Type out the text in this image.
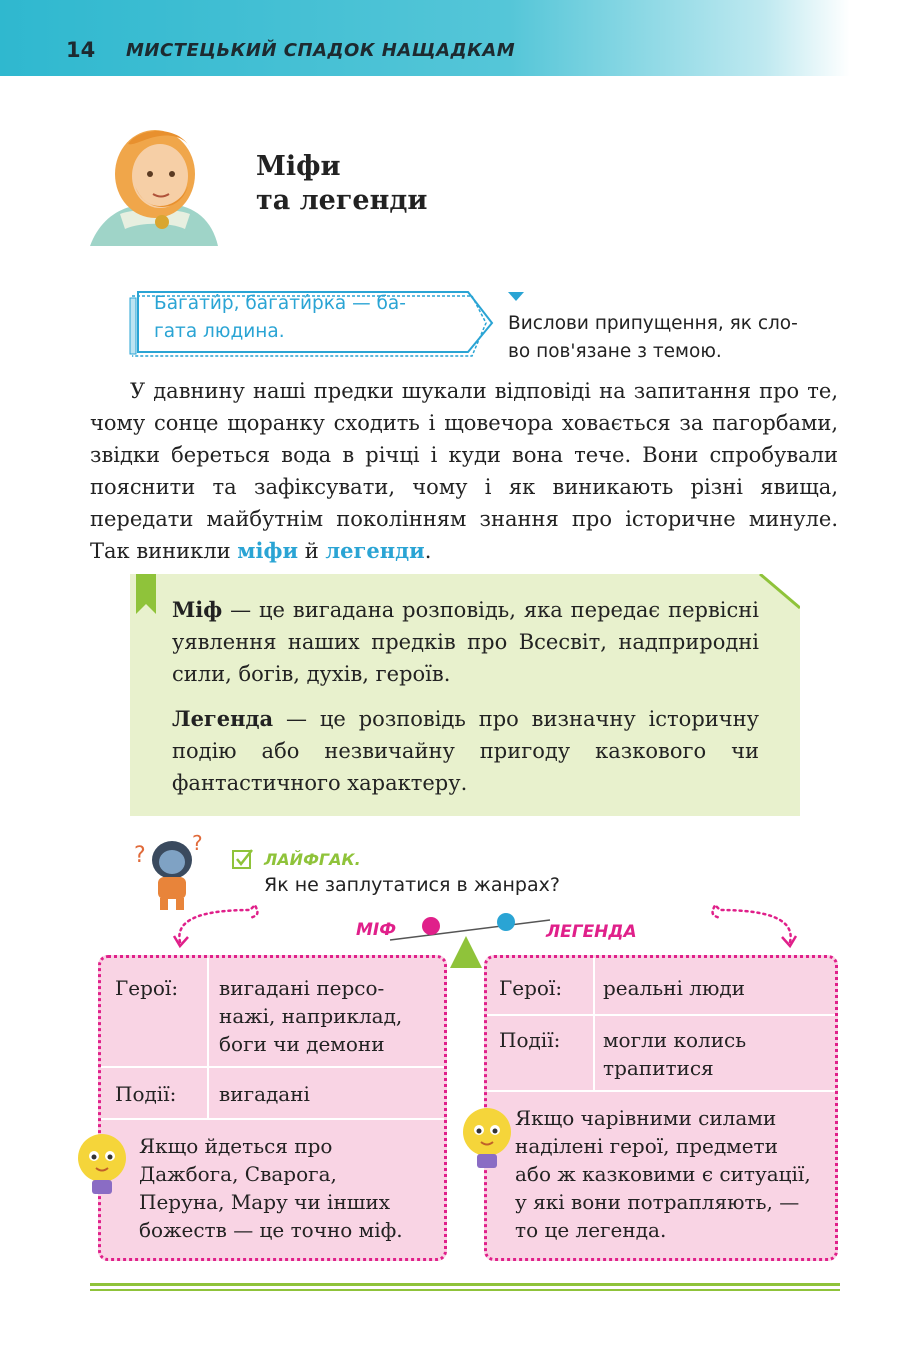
14 МИСТЕЦЬКИЙ СПАДОК НАЩАДКАМ
Міфи
та легенди
Багати́р, багати́рка — ба-
гата людина.	Вислови припущення, як сло-
во пов'язане з темою.
У давнину наші предки шукали відповіді на запитання про те, чому сонце щоранку сходить і щовечора ховається за пагорбами, звідки береться вода в річці і куди вона тече. Вони спробували пояснити та зафіксувати, чому і як виникають різні явища, передати майбутнім поколінням знання про історичне минуле. Так виникли міфи й легенди.

Міф — це вигадана розповідь, яка передає первісні уявлення наших предків про Всесвіт, надприродні сили, богів, духів, героїв.

Легенда — це розповідь про визначну історичну подію або незвичайну пригоду казкового чи фантастичного характеру.

? ?
ЛАЙФГАК.
Як не заплутатися в жанрах?
МІФ	ЛЕГЕНДА
Герої: вигадані персо-
нажі, наприклад,
боги чи демони
Події: вигадані
Якщо йдеться про
Дажбога, Сварога,
Перуна, Мару чи інших
божеств — це точно міф.
Герої: реальні люди
Події: могли колись
трапитися
Якщо чарівними силами
наділені герої, предмети
або ж казковими є ситуації,
у які вони потрапляють, —
то це легенда.
